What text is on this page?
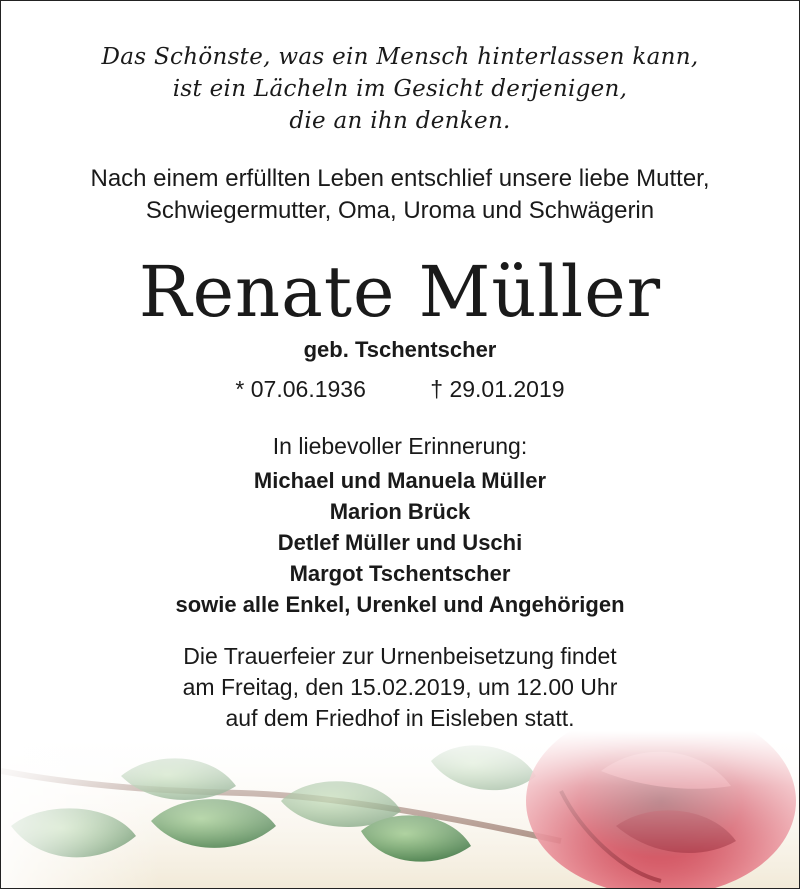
Das Schönste, was ein Mensch hinterlassen kann,
ist ein Lächeln im Gesicht derjenigen,
die an ihn denken.
Nach einem erfüllten Leben entschlief unsere liebe Mutter,
Schwiegermutter, Oma, Uroma und Schwägerin
Renate Müller
geb. Tschentscher
* 07.06.1936	† 29.01.2019
In liebevoller Erinnerung:
Michael und Manuela Müller
Marion Brück
Detlef Müller und Uschi
Margot Tschentscher
sowie alle Enkel, Urenkel und Angehörigen
Die Trauerfeier zur Urnenbeisetzung findet
am Freitag, den 15.02.2019, um 12.00 Uhr
auf dem Friedhof in Eisleben statt.
